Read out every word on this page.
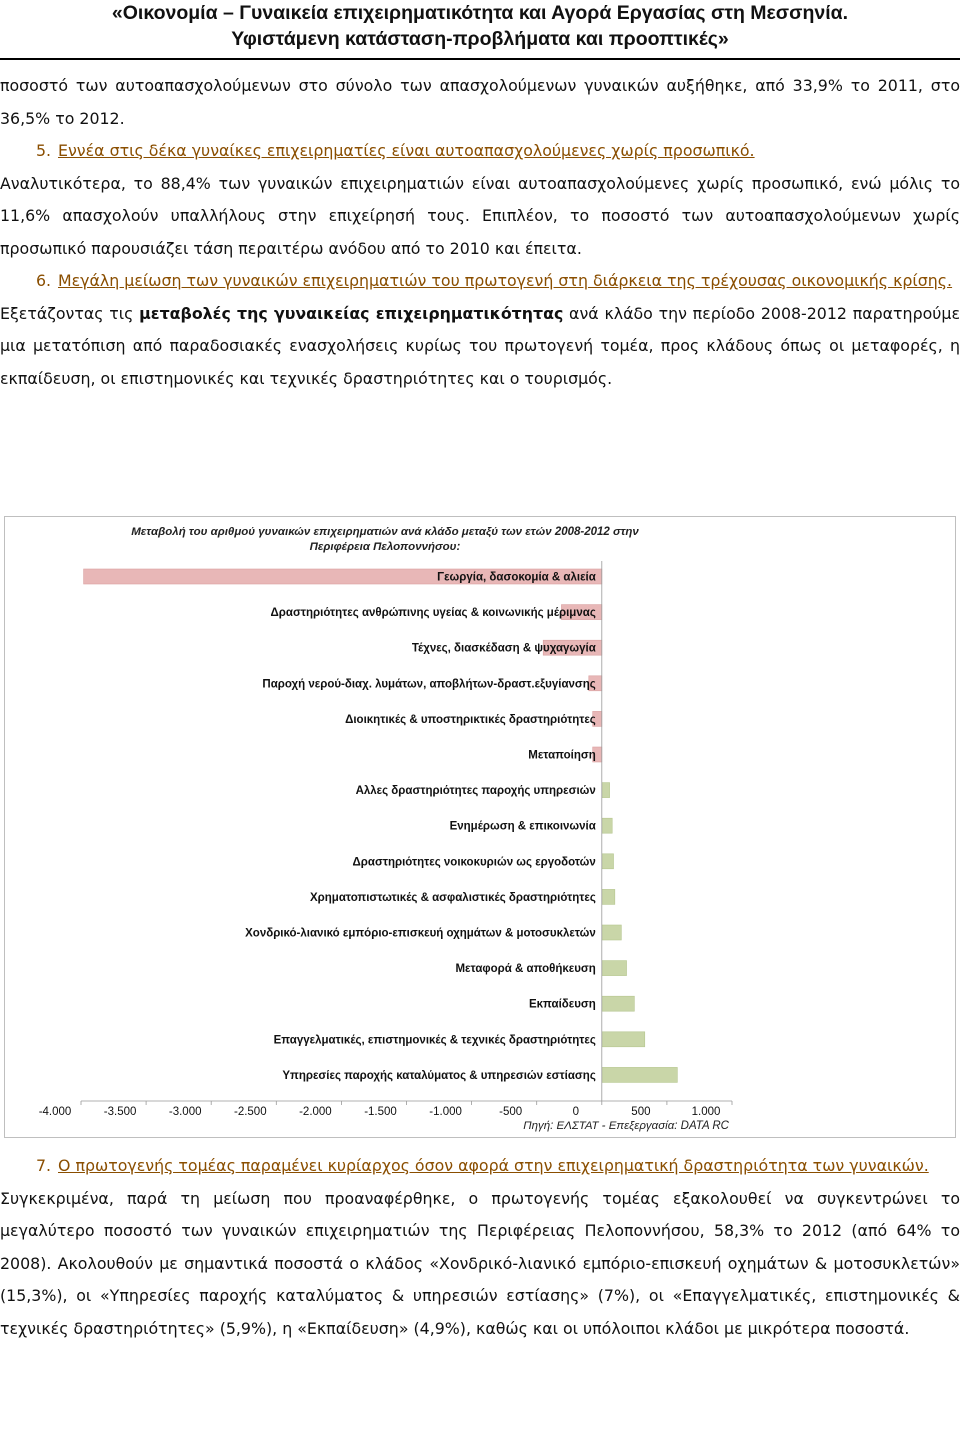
«Οικονομία – Γυναικεία επιχειρηματικότητα και Αγορά Εργασίας στη Μεσσηνία.
Υφιστάμενη κατάσταση-προβλήματα και προοπτικές»

ποσοστό των αυτοαπασχολούμενων στο σύνολο των απασχολούμενων γυναικών αυξήθηκε, από 33,9% το 2011, στο 36,5% το 2012.

5. Εννέα στις δέκα γυναίκες επιχειρηματίες είναι αυτοαπασχολούμενες χωρίς προσωπικό.

Αναλυτικότερα, το 88,4% των γυναικών επιχειρηματιών είναι αυτοαπασχολούμενες χωρίς προσωπικό, ενώ μόλις το 11,6% απασχολούν υπαλλήλους στην επιχείρησή τους. Επιπλέον, το ποσοστό των αυτοαπασχολούμενων χωρίς προσωπικό παρουσιάζει τάση περαιτέρω ανόδου από το 2010 και έπειτα.

6. Μεγάλη μείωση των γυναικών επιχειρηματιών του πρωτογενή στη διάρκεια της τρέχουσας οικονομικής κρίσης.

Εξετάζοντας τις μεταβολές της γυναικείας επιχειρηματικότητας ανά κλάδο την περίοδο 2008-2012 παρατηρούμε μια μετατόπιση από παραδοσιακές ενασχολήσεις κυρίως του πρωτογενή τομέα, προς κλάδους όπως οι μεταφορές, η εκπαίδευση, οι επιστημονικές και τεχνικές δραστηριότητες και ο τουρισμός.

Μεταβολή του αριθμού γυναικών επιχειρηματιών ανά κλάδο μεταξύ των ετών 2008-2012 στην
Περιφέρεια Πελοποννήσου:
Γεωργία, δασοκομία & αλιεία
Δραστηριότητες ανθρώπινης υγείας & κοινωνικής μέριμνας
Τέχνες, διασκέδαση & ψυχαγωγία
Παροχή νερού-διαχ. λυμάτων, αποβλήτων-δραστ.εξυγίανσης
Διοικητικές & υποστηρικτικές δραστηριότητες
Μεταποίηση
Αλλες δραστηριότητες παροχής υπηρεσιών
Ενημέρωση & επικοινωνία
Δραστηριότητες νοικοκυριών ως εργοδοτών
Χρηματοπιστωτικές & ασφαλιστικές δραστηριότητες
Χονδρικό-λιανικό εμπόριο-επισκευή οχημάτων & μοτοσυκλετών
Μεταφορά & αποθήκευση
Εκπαίδευση
Επαγγελματικές, επιστημονικές & τεχνικές δραστηριότητες
Υπηρεσίες παροχής καταλύματος & υπηρεσιών εστίασης
-4.000	-3.500	-3.000	-2.500	-2.000	-1.500	-1.000	-500	0	500	1.000
Πηγή: ΕΛΣΤΑΤ - Επεξεργασία: DATA RC

7. Ο πρωτογενής τομέας παραμένει κυρίαρχος όσον αφορά στην επιχειρηματική δραστηριότητα των γυναικών.

Συγκεκριμένα, παρά τη μείωση που προαναφέρθηκε, ο πρωτογενής τομέας εξακολουθεί να συγκεντρώνει το μεγαλύτερο ποσοστό των γυναικών επιχειρηματιών της Περιφέρειας Πελοποννήσου, 58,3% το 2012 (από 64% το 2008). Ακολουθούν με σημαντικά ποσοστά ο κλάδος «Χονδρικό-λιανικό εμπόριο-επισκευή οχημάτων & μοτοσυκλετών» (15,3%), οι «Υπηρεσίες παροχής καταλύματος & υπηρεσιών εστίασης» (7%), οι «Επαγγελματικές, επιστημονικές & τεχνικές δραστηριότητες» (5,9%), η «Εκπαίδευση» (4,9%), καθώς και οι υπόλοιποι κλάδοι με μικρότερα ποσοστά.
